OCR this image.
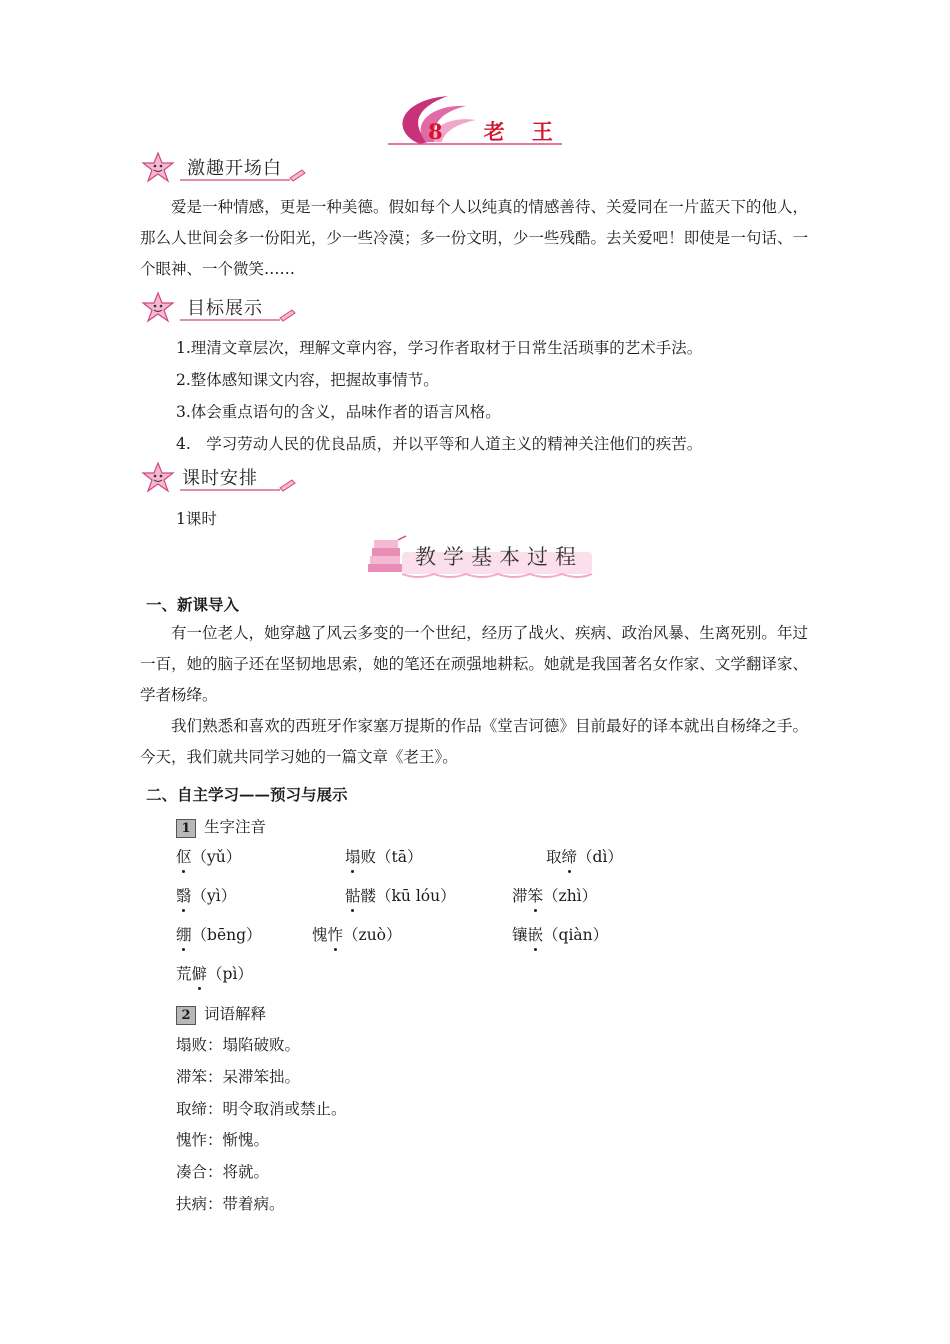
8　老 王
激趣开场白

爱是一种情感，更是一种美德。假如每个人以纯真的情感善待、关爱同在一片蓝天下的他人，那么人世间会多一份阳光，少一些冷漠；多一份文明，少一些残酷。去关爱吧！即使是一句话、一个眼神、一个微笑……

目标展示
1.理清文章层次，理解文章内容，学习作者取材于日常生活琐事的艺术手法。
2.整体感知课文内容，把握故事情节。
3.体会重点语句的含义，品味作者的语言风格。
4.　学习劳动人民的优良品质，并以平等和人道主义的精神关注他们的疾苦。
课时安排
1课时
教学基本过程
一、新课导入

有一位老人，她穿越了风云多变的一个世纪，经历了战火、疾病、政治风暴、生离死别。年过一百，她的脑子还在坚韧地思索，她的笔还在顽强地耕耘。她就是我国著名女作家、文学翻译家、学者杨绛。

我们熟悉和喜欢的西班牙作家塞万提斯的作品《堂吉诃德》目前最好的译本就出自杨绛之手。今天，我们就共同学习她的一篇文章《老王》。

二、自主学习——预习与展示
1 生字注音
伛（yǔ）	塌败（tā）	取缔（dì）
翳（yì）	骷髅（kū lóu）	滞笨（zhì）
绷（bēng）	愧怍（zuò）	镶嵌（qiàn）
荒僻（pì）
2 词语解释
塌败：塌陷破败。
滞笨：呆滞笨拙。
取缔：明令取消或禁止。
愧怍：惭愧。
凑合：将就。
扶病：带着病。
